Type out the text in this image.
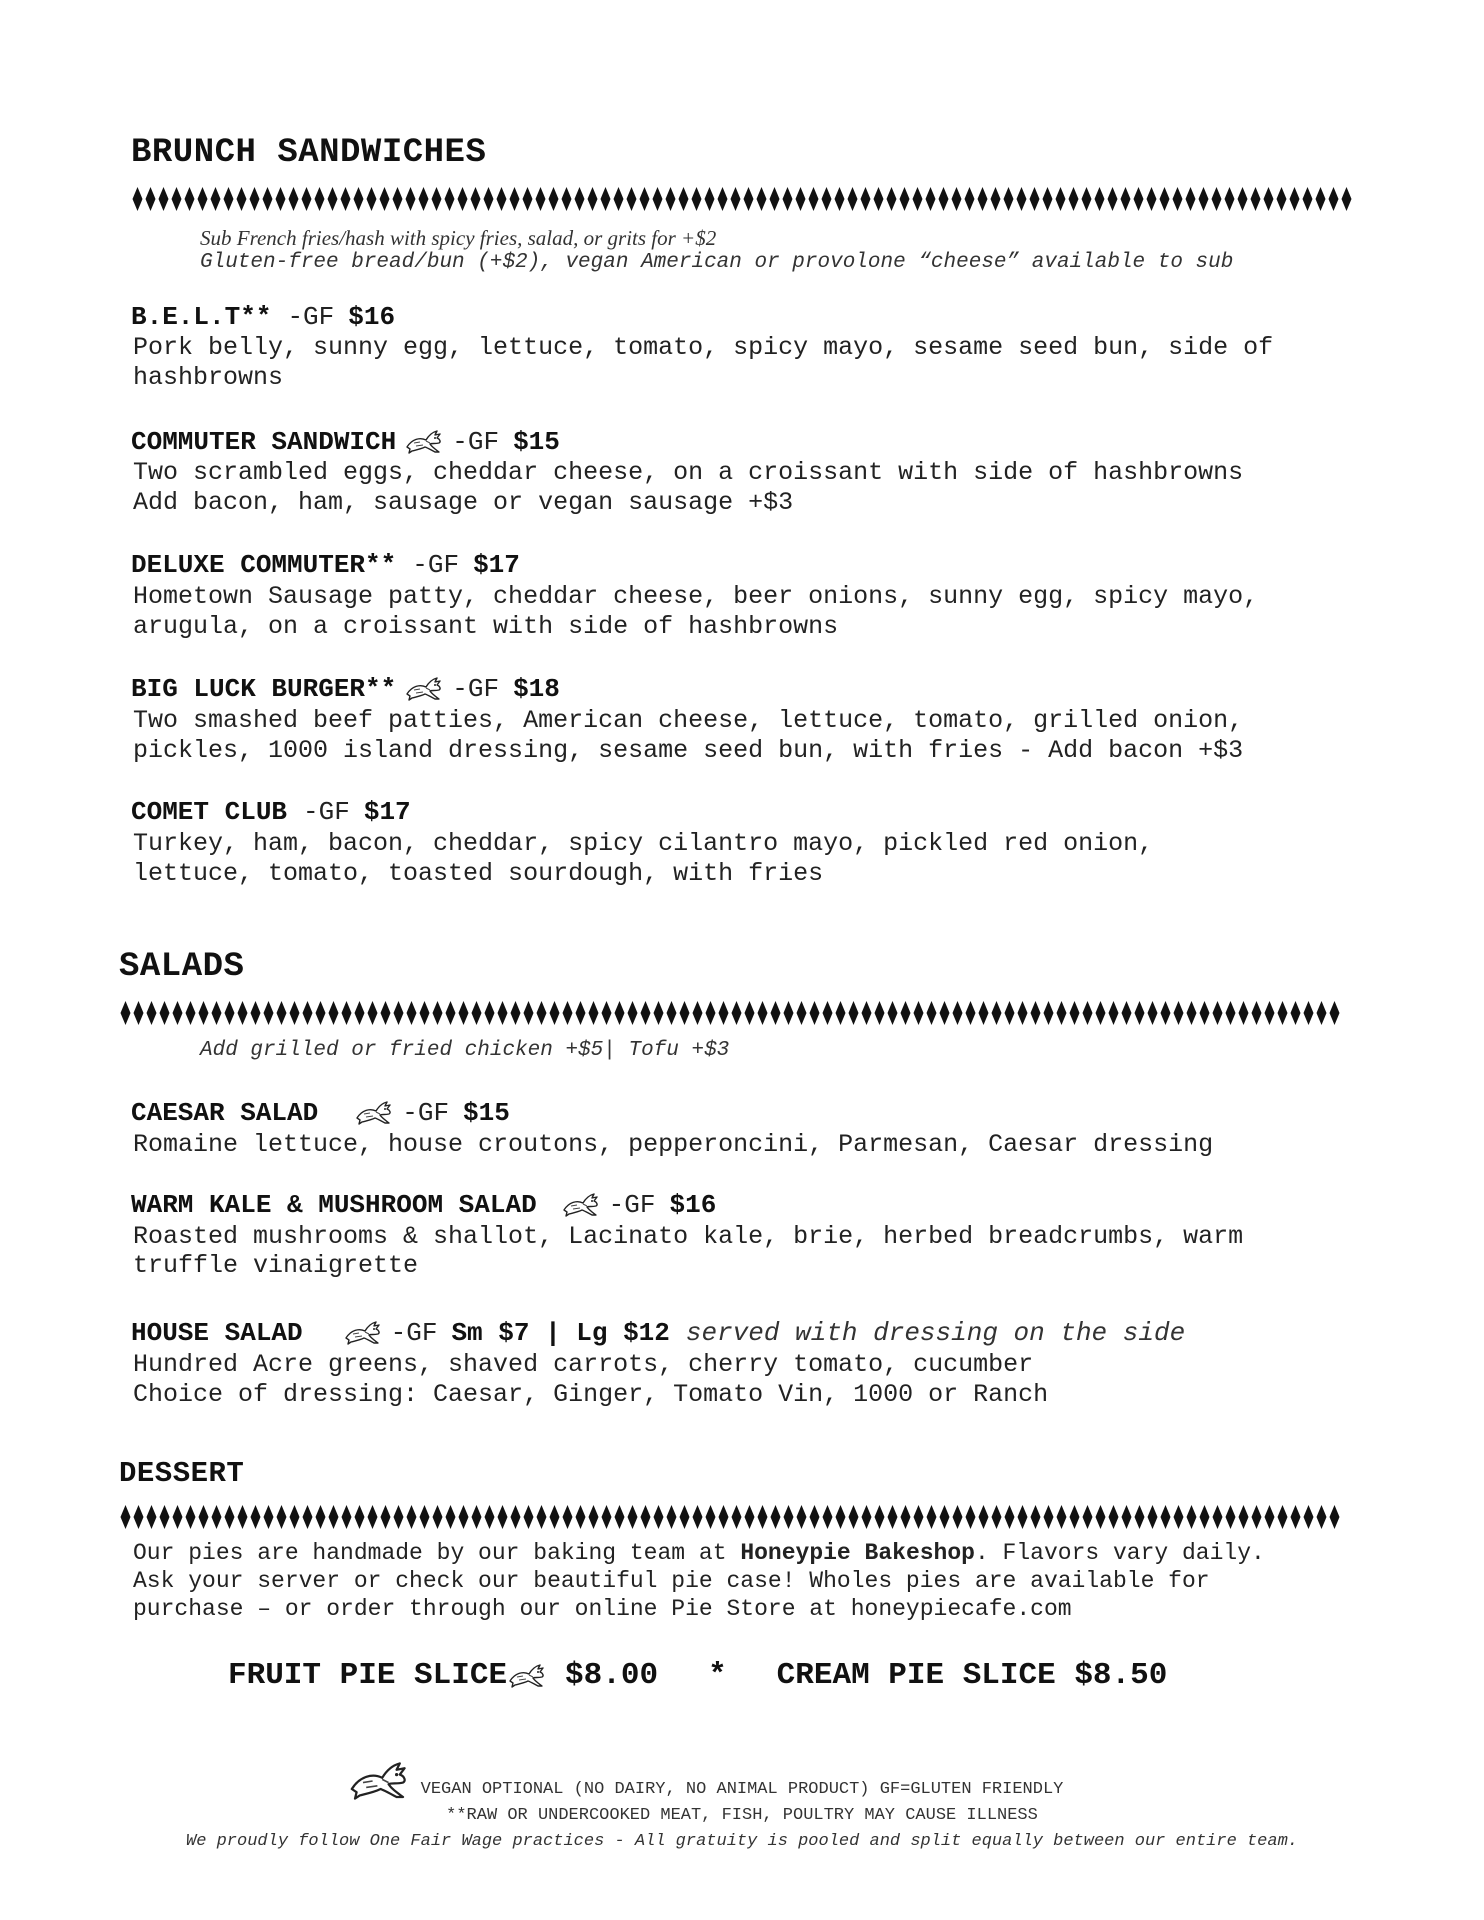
BRUNCH SANDWICHES
Sub French fries/hash with spicy fries, salad, or grits for +$2
Gluten-free bread/bun (+$2), vegan American or provolone “cheese” available to sub
B.E.L.T** -GF $16
Pork belly, sunny egg, lettuce, tomato, spicy mayo, sesame seed bun, side of
hashbrowns
COMMUTER SANDWICH -GF $15
Two scrambled eggs, cheddar cheese, on a croissant with side of hashbrowns
Add bacon, ham, sausage or vegan sausage +$3
DELUXE COMMUTER** -GF $17
Hometown Sausage patty, cheddar cheese, beer onions, sunny egg, spicy mayo,
arugula, on a croissant with side of hashbrowns
BIG LUCK BURGER** -GF $18
Two smashed beef patties, American cheese, lettuce, tomato, grilled onion,
pickles, 1000 island dressing, sesame seed bun, with fries - Add bacon +$3
COMET CLUB -GF $17
Turkey, ham, bacon, cheddar, spicy cilantro mayo, pickled red onion,
lettuce, tomato, toasted sourdough, with fries
SALADS
Add grilled or fried chicken +$5| Tofu +$3
CAESAR SALAD	-GF $15
Romaine lettuce, house croutons, pepperoncini, Parmesan, Caesar dressing
WARM KALE & MUSHROOM SALAD	-GF $16
Roasted mushrooms & shallot, Lacinato kale, brie, herbed breadcrumbs, warm
truffle vinaigrette
HOUSE SALAD	-GF Sm $7 | Lg $12 served with dressing on the side
Hundred Acre greens, shaved carrots, cherry tomato, cucumber
Choice of dressing: Caesar, Ginger, Tomato Vin, 1000 or Ranch
DESSERT
Our pies are handmade by our baking team at Honeypie Bakeshop. Flavors vary daily.
Ask your server or check our beautiful pie case! Wholes pies are available for
purchase – or order through our online Pie Store at honeypiecafe.com
FRUIT PIE SLICE $8.00 * CREAM PIE SLICE $8.50
VEGAN OPTIONAL (NO DAIRY, NO ANIMAL PRODUCT) GF=GLUTEN FRIENDLY
**RAW OR UNDERCOOKED MEAT, FISH, POULTRY MAY CAUSE ILLNESS
We proudly follow One Fair Wage practices - All gratuity is pooled and split equally between our entire team.
